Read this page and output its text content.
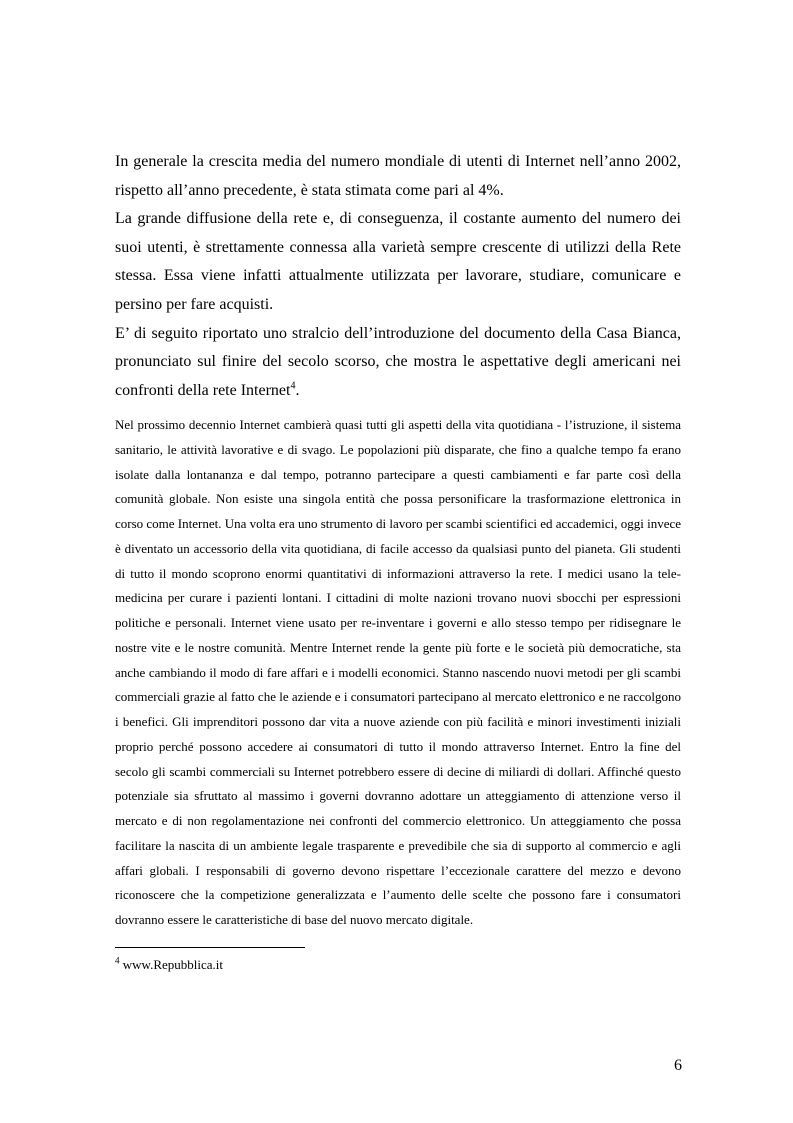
In generale la crescita media del numero mondiale di utenti di Internet nell’anno 2002, rispetto all’anno precedente, è stata stimata come pari al 4%.

La grande diffusione della rete e, di conseguenza, il costante aumento del numero dei suoi utenti, è strettamente connessa alla varietà sempre crescente di utilizzi della Rete stessa. Essa viene infatti attualmente utilizzata per lavorare, studiare, comunicare e persino per fare acquisti.

E’ di seguito riportato uno stralcio dell’introduzione del documento della Casa Bianca, pronunciato sul finire del secolo scorso, che mostra le aspettative degli americani nei confronti della rete Internet$^4$.

Nel prossimo decennio Internet cambierà quasi tutti gli aspetti della vita quotidiana - l’istruzione, il sistema sanitario, le attività lavorative e di svago. Le popolazioni più disparate, che fino a qualche tempo fa erano isolate dalla lontananza e dal tempo, potranno partecipare a questi cambiamenti e far parte così della comunità globale. Non esiste una singola entità che possa personificare la trasformazione elettronica in corso come Internet. Una volta era uno strumento di lavoro per scambi scientifici ed accademici, oggi invece è diventato un accessorio della vita quotidiana, di facile accesso da qualsiasi punto del pianeta. Gli studenti di tutto il mondo scoprono enormi quantitativi di informazioni attraverso la rete. I medici usano la tele-medicina per curare i pazienti lontani. I cittadini di molte nazioni trovano nuovi sbocchi per espressioni politiche e personali. Internet viene usato per re-inventare i governi e allo stesso tempo per ridisegnare le nostre vite e le nostre comunità. Mentre Internet rende la gente più forte e le società più democratiche, sta anche cambiando il modo di fare affari e i modelli economici. Stanno nascendo nuovi metodi per gli scambi commerciali grazie al fatto che le aziende e i consumatori partecipano al mercato elettronico e ne raccolgono i benefici. Gli imprenditori possono dar vita a nuove aziende con più facilità e minori investimenti iniziali proprio perché possono accedere ai consumatori di tutto il mondo attraverso Internet. Entro la fine del secolo gli scambi commerciali su Internet potrebbero essere di decine di miliardi di dollari. Affinché questo potenziale sia sfruttato al massimo i governi dovranno adottare un atteggiamento di attenzione verso il mercato e di non regolamentazione nei confronti del commercio elettronico. Un atteggiamento che possa facilitare la nascita di un ambiente legale trasparente e prevedibile che sia di supporto al commercio e agli affari globali. I responsabili di governo devono rispettare l’eccezionale carattere del mezzo e devono riconoscere che la competizione generalizzata e l’aumento delle scelte che possono fare i consumatori dovranno essere le caratteristiche di base del nuovo mercato digitale.

$^4$ www.Repubblica.it

6
